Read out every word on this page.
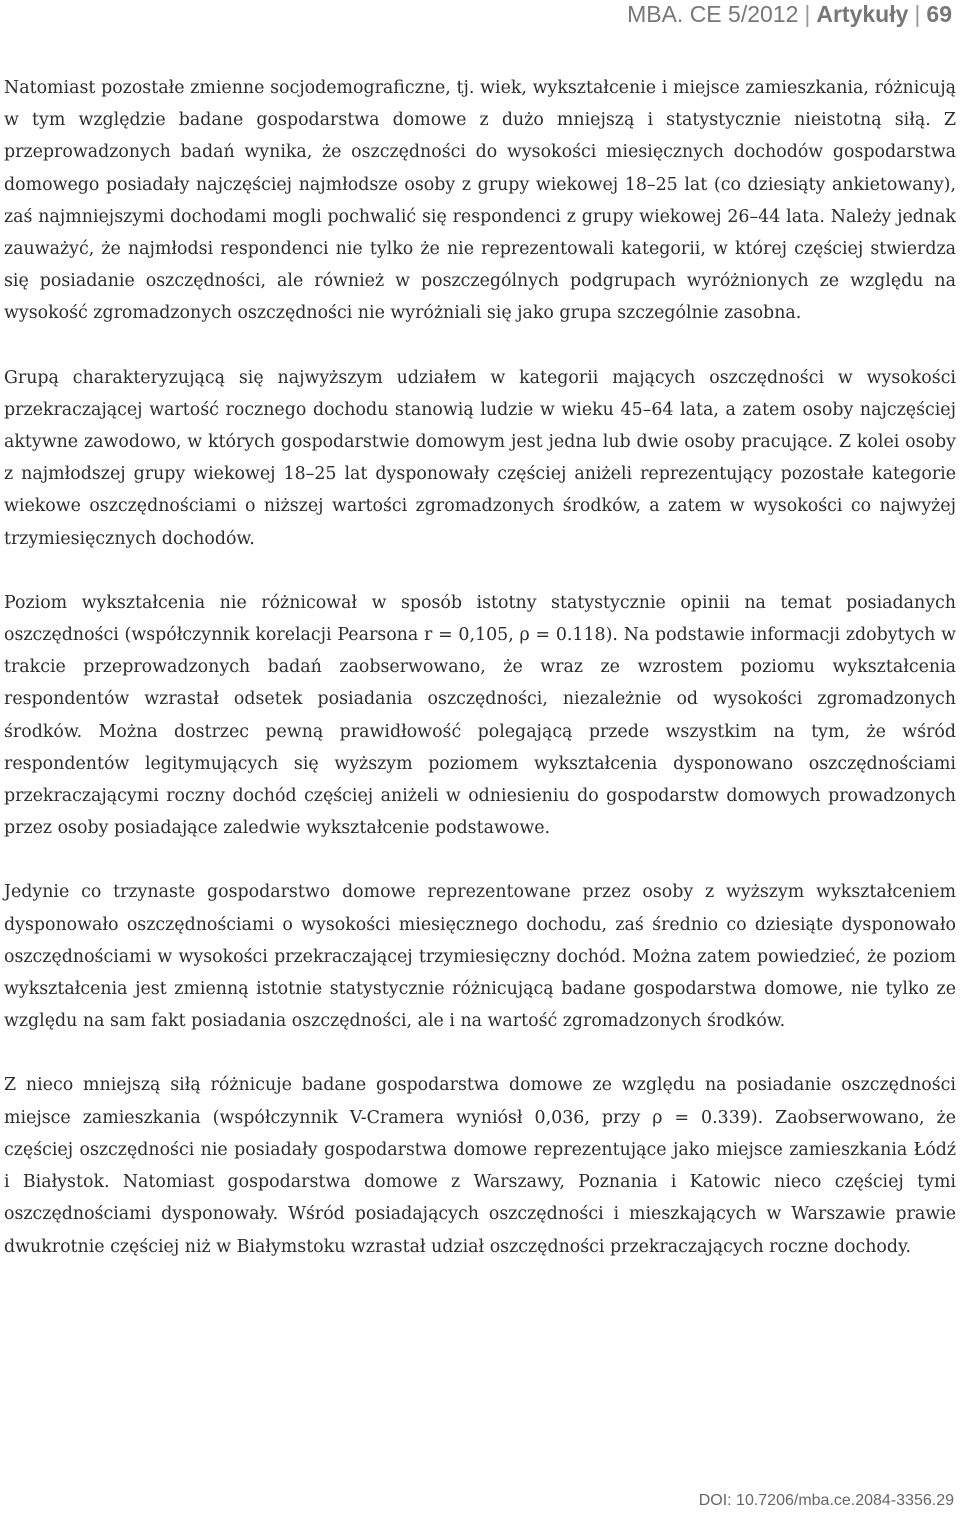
MBA. CE 5/2012 | Artykuły | 69

Natomiast pozostałe zmienne socjodemograficzne, tj. wiek, wykształcenie i miejsce zamieszkania, różnicują w tym względzie badane gospodarstwa domowe z dużo mniejszą i statystycznie nieistotną siłą. Z przeprowadzonych badań wynika, że oszczędności do wysokości miesięcznych dochodów gospodarstwa domowego posiadały najczęściej najmłodsze osoby z grupy wiekowej 18–25 lat (co dziesiąty ankietowany), zaś najmniejszymi dochodami mogli pochwalić się respondenci z grupy wiekowej 26–44 lata. Należy jednak zauważyć, że najmłodsi respondenci nie tylko że nie reprezentowali kategorii, w której częściej stwierdza się posiadanie oszczędności, ale również w poszczególnych podgrupach wyróżnionych ze względu na wysokość zgromadzonych oszczędności nie wyróżniali się jako grupa szczególnie zasobna.

Grupą charakteryzującą się najwyższym udziałem w kategorii mających oszczędności w wysokości przekraczającej wartość rocznego dochodu stanowią ludzie w wieku 45–64 lata, a zatem osoby najczęściej aktywne zawodowo, w których gospodarstwie domowym jest jedna lub dwie osoby pracujące. Z kolei osoby z najmłodszej grupy wiekowej 18–25 lat dysponowały częściej aniżeli reprezentujący pozostałe kategorie wiekowe oszczędnościami o niższej wartości zgromadzonych środków, a zatem w wysokości co najwyżej trzymiesięcznych dochodów.

Poziom wykształcenia nie różnicował w sposób istotny statystycznie opinii na temat posiadanych oszczędności (współczynnik korelacji Pearsona r = 0,105, ρ = 0.118). Na podstawie informacji zdobytych w trakcie przeprowadzonych badań zaobserwowano, że wraz ze wzrostem poziomu wykształcenia respondentów wzrastał odsetek posiadania oszczędności, niezależnie od wysokości zgromadzonych środków. Można dostrzec pewną prawidłowość polegającą przede wszystkim na tym, że wśród respondentów legitymujących się wyższym poziomem wykształcenia dysponowano oszczędnościami przekraczającymi roczny dochód częściej aniżeli w odniesieniu do gospodarstw domowych prowadzonych przez osoby posiadające zaledwie wykształcenie podstawowe.

Jedynie co trzynaste gospodarstwo domowe reprezentowane przez osoby z wyższym wykształceniem dysponowało oszczędnościami o wysokości miesięcznego dochodu, zaś średnio co dziesiąte dysponowało oszczędnościami w wysokości przekraczającej trzymiesięczny dochód. Można zatem powiedzieć, że poziom wykształcenia jest zmienną istotnie statystycznie różnicującą badane gospodarstwa domowe, nie tylko ze względu na sam fakt posiadania oszczędności, ale i na wartość zgromadzonych środków.

Z nieco mniejszą siłą różnicuje badane gospodarstwa domowe ze względu na posiadanie oszczędności miejsce zamieszkania (współczynnik V-Cramera wyniósł 0,036, przy ρ = 0.339). Zaobserwowano, że częściej oszczędności nie posiadały gospodarstwa domowe reprezentujące jako miejsce zamieszkania Łódź i Białystok. Natomiast gospodarstwa domowe z Warszawy, Poznania i Katowic nieco częściej tymi oszczędnościami dysponowały. Wśród posiadających oszczędności i mieszkających w Warszawie prawie dwukrotnie częściej niż w Białymstoku wzrastał udział oszczędności przekraczających roczne dochody.

DOI: 10.7206/mba.ce.2084-3356.29
